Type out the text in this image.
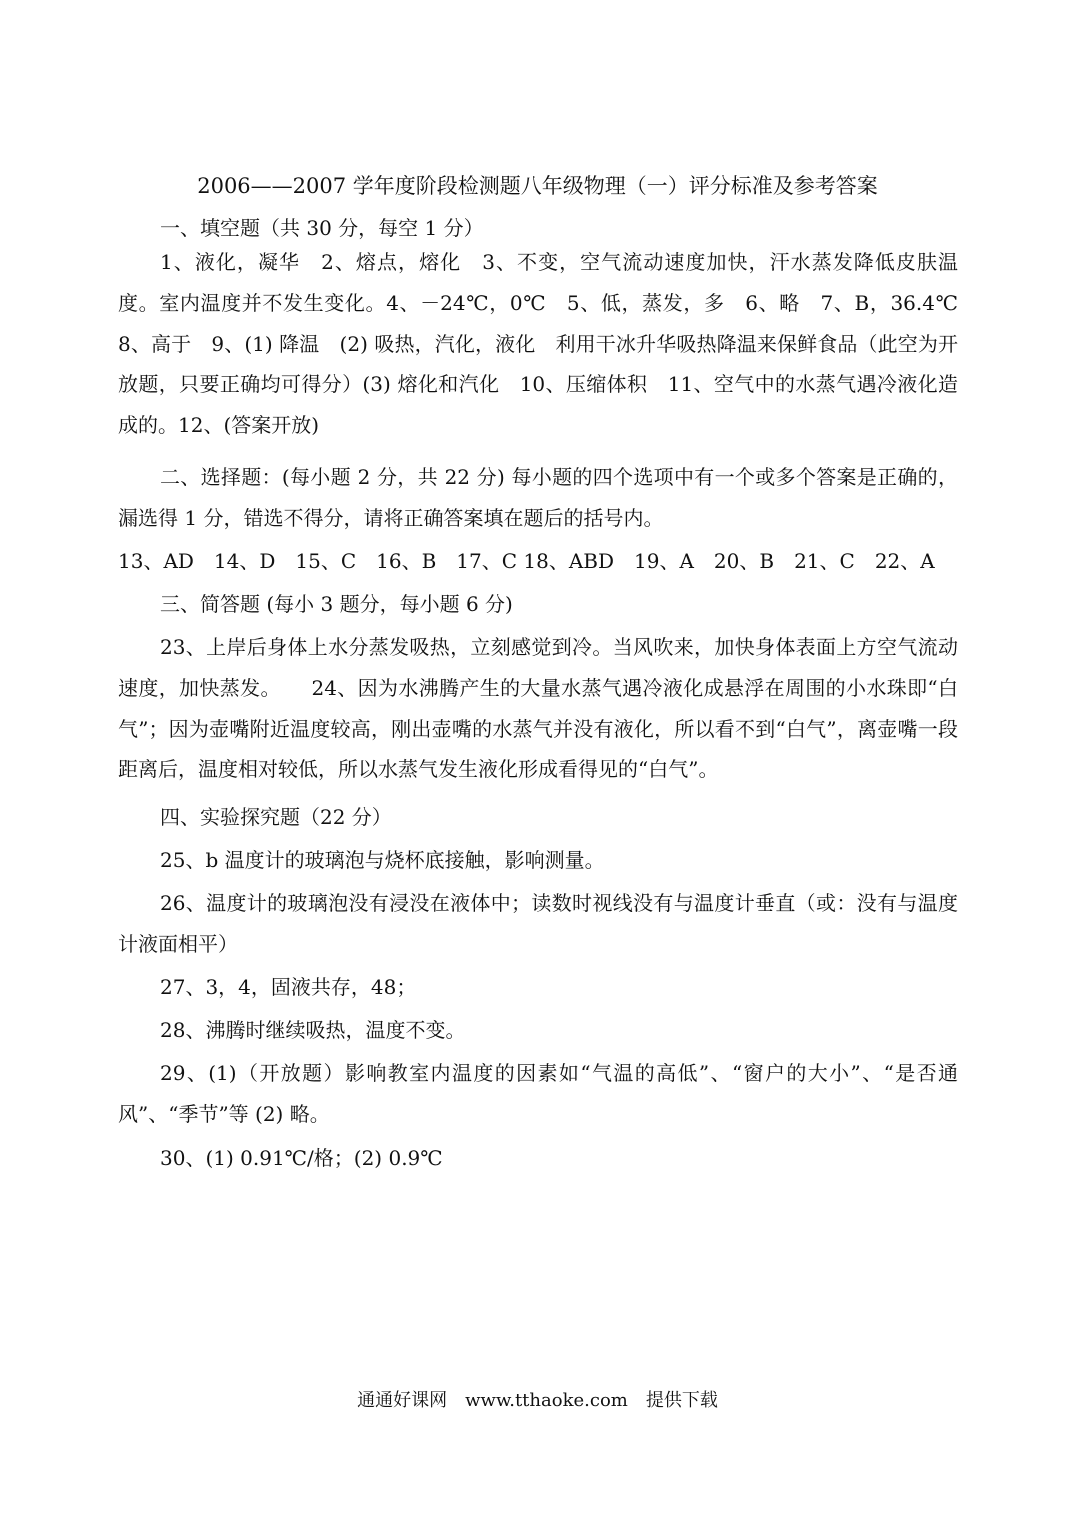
2006——2007 学年度阶段检测题八年级物理（一）评分标准及参考答案

一、填空题（共 30 分，每空 1 分）

1、液化，凝华　2、熔点，熔化　3、不变，空气流动速度加快，汗水蒸发降低皮肤温度。室内温度并不发生变化。4、－24℃，0℃　5、低，蒸发，多　6、略　7、B，36.4℃　8、高于　9、(1) 降温　(2) 吸热，汽化，液化　利用干冰升华吸热降温来保鲜食品（此空为开放题，只要正确均可得分）(3) 熔化和汽化　10、压缩体积　11、空气中的水蒸气遇冷液化造成的。12、(答案开放)

二、选择题：(每小题 2 分，共 22 分) 每小题的四个选项中有一个或多个答案是正确的，漏选得 1 分，错选不得分，请将正确答案填在题后的括号内。

13、AD　14、D　15、C　16、B　17、C 18、ABD　19、A　20、B　21、C　22、A

三、简答题 (每小 3 题分，每小题 6 分)

23、上岸后身体上水分蒸发吸热，立刻感觉到冷。当风吹来，加快身体表面上方空气流动速度，加快蒸发。　　24、因为水沸腾产生的大量水蒸气遇冷液化成悬浮在周围的小水珠即“白气”；因为壶嘴附近温度较高，刚出壶嘴的水蒸气并没有液化，所以看不到“白气”，离壶嘴一段距离后，温度相对较低，所以水蒸气发生液化形成看得见的“白气”。

四、实验探究题（22 分）

25、b 温度计的玻璃泡与烧杯底接触，影响测量。

26、温度计的玻璃泡没有浸没在液体中；读数时视线没有与温度计垂直（或：没有与温度计液面相平）

27、3，4，固液共存，48；

28、沸腾时继续吸热，温度不变。

29、(1)（开放题）影响教室内温度的因素如“气温的高低”、“窗户的大小”、“是否通风”、“季节”等 (2) 略。

30、(1) 0.91℃/格；(2) 0.9℃

通通好课网　www.tthaoke.com　提供下载
